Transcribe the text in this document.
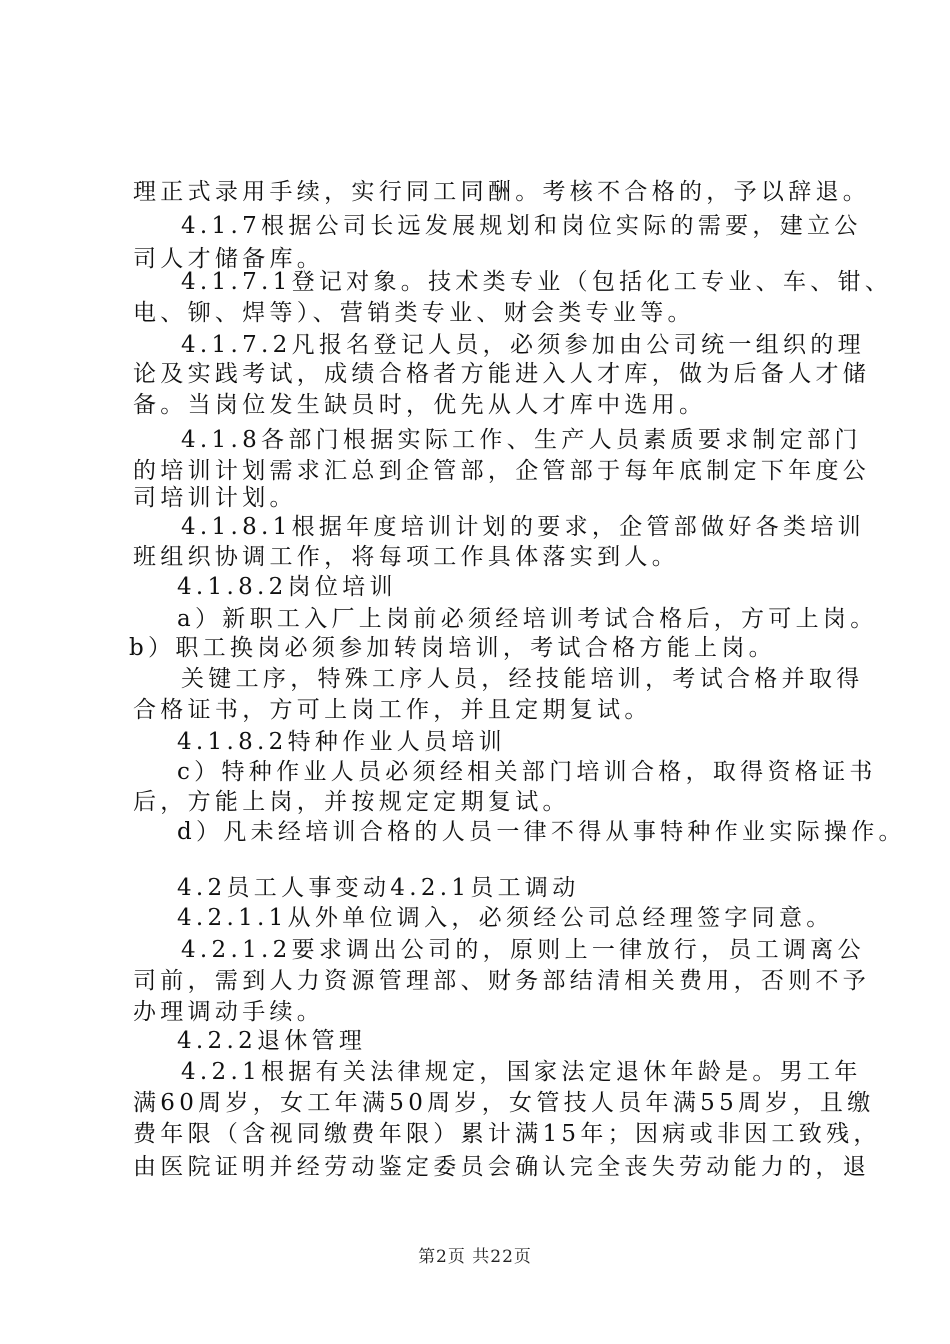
理正式录用手续，实行同工同酬。考核不合格的，予以辞退。
4.1.7根据公司长远发展规划和岗位实际的需要，建立公
司人才储备库。
4.1.7.1登记对象。技术类专业（包括化工专业、车、钳、
电、铆、焊等）、营销类专业、财会类专业等。
4.1.7.2凡报名登记人员，必须参加由公司统一组织的理
论及实践考试，成绩合格者方能进入人才库，做为后备人才储
备。当岗位发生缺员时，优先从人才库中选用。
4.1.8各部门根据实际工作、生产人员素质要求制定部门
的培训计划需求汇总到企管部，企管部于每年底制定下年度公
司培训计划。
4.1.8.1根据年度培训计划的要求，企管部做好各类培训
班组织协调工作，将每项工作具体落实到人。
4.1.8.2岗位培训
a）新职工入厂上岗前必须经培训考试合格后，方可上岗。
b）职工换岗必须参加转岗培训，考试合格方能上岗。
关键工序，特殊工序人员，经技能培训，考试合格并取得
合格证书，方可上岗工作，并且定期复试。
4.1.8.2特种作业人员培训
c）特种作业人员必须经相关部门培训合格，取得资格证书
后，方能上岗，并按规定定期复试。
d）凡未经培训合格的人员一律不得从事特种作业实际操作。
4.2员工人事变动4.2.1员工调动
4.2.1.1从外单位调入，必须经公司总经理签字同意。
4.2.1.2要求调出公司的，原则上一律放行，员工调离公
司前，需到人力资源管理部、财务部结清相关费用，否则不予
办理调动手续。
4.2.2退休管理
4.2.1根据有关法律规定，国家法定退休年龄是。男工年
满60周岁，女工年满50周岁，女管技人员年满55周岁，且缴
费年限（含视同缴费年限）累计满15年；因病或非因工致残，
由医院证明并经劳动鉴定委员会确认完全丧失劳动能力的，退
第2页 共22页
